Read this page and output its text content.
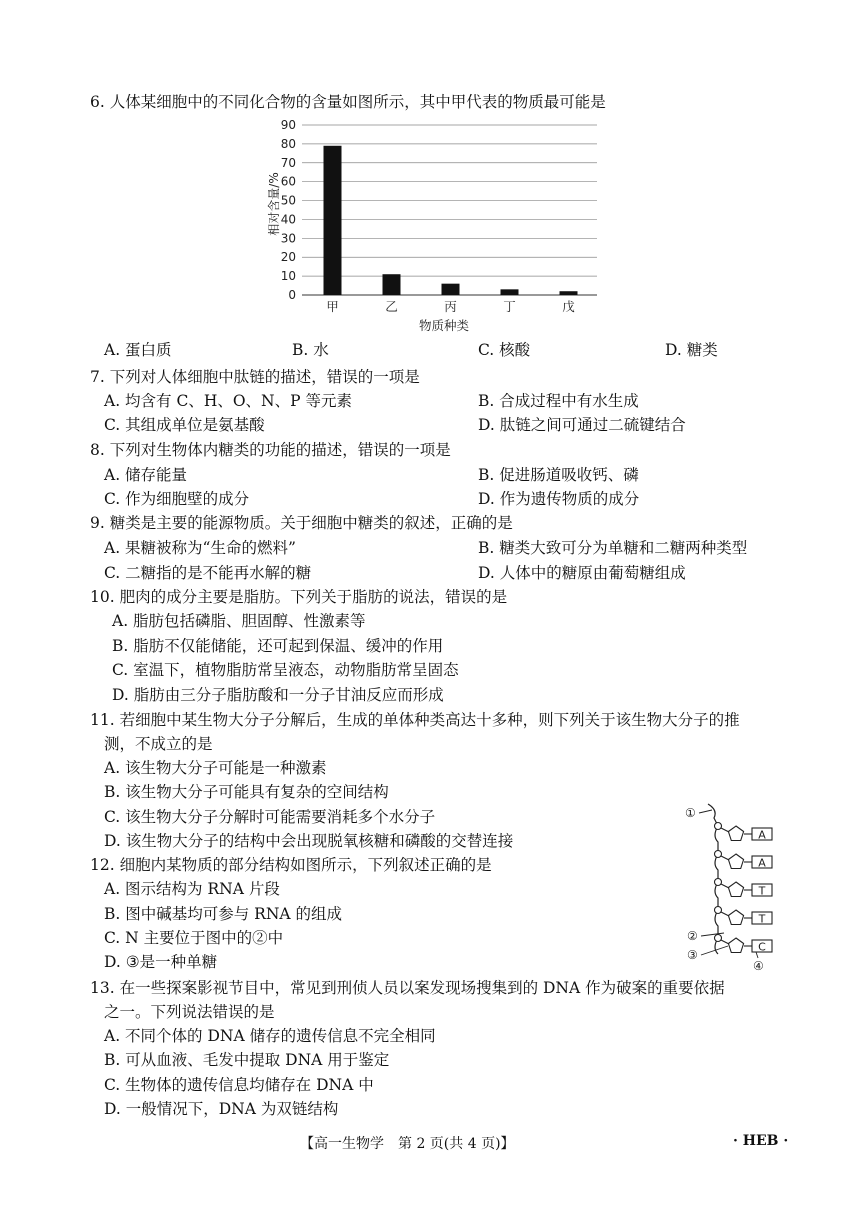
6. 人体某细胞中的不同化合物的含量如图所示，其中甲代表的物质最可能是
0
10
20
30
40
50
60
70
80
90
甲	乙	丙	丁	戊
相对含量/%
物质种类
A. 蛋白质	B. 水	C. 核酸	D. 糖类
7. 下列对人体细胞中肽链的描述，错误的一项是
A. 均含有 C、H、O、N、P 等元素	B. 合成过程中有水生成
C. 其组成单位是氨基酸	D. 肽链之间可通过二硫键结合
8. 下列对生物体内糖类的功能的描述，错误的一项是
A. 储存能量	B. 促进肠道吸收钙、磷
C. 作为细胞壁的成分	D. 作为遗传物质的成分
9. 糖类是主要的能源物质。关于细胞中糖类的叙述，正确的是
A. 果糖被称为“生命的燃料”	B. 糖类大致可分为单糖和二糖两种类型
C. 二糖指的是不能再水解的糖	D. 人体中的糖原由葡萄糖组成
10. 肥肉的成分主要是脂肪。下列关于脂肪的说法，错误的是
A. 脂肪包括磷脂、胆固醇、性激素等
B. 脂肪不仅能储能，还可起到保温、缓冲的作用
C. 室温下，植物脂肪常呈液态，动物脂肪常呈固态
D. 脂肪由三分子脂肪酸和一分子甘油反应而形成
11. 若细胞中某生物大分子分解后，生成的单体种类高达十多种，则下列关于该生物大分子的推
测，不成立的是
A. 该生物大分子可能是一种激素
B. 该生物大分子可能具有复杂的空间结构
C. 该生物大分子分解时可能需要消耗多个水分子
D. 该生物大分子的结构中会出现脱氧核糖和磷酸的交替连接
12. 细胞内某物质的部分结构如图所示，下列叙述正确的是
A. 图示结构为 RNA 片段
B. 图中碱基均可参与 RNA 的组成
C. N 主要位于图中的②中
D. ③是一种单糖
A
A
T
T
C
①
②
③
④
13. 在一些探案影视节目中，常见到刑侦人员以案发现场搜集到的 DNA 作为破案的重要依据
之一。下列说法错误的是
A. 不同个体的 DNA 储存的遗传信息不完全相同
B. 可从血液、毛发中提取 DNA 用于鉴定
C. 生物体的遗传信息均储存在 DNA 中
D. 一般情况下，DNA 为双链结构
【高一生物学　第 2 页(共 4 页)】	· HEB ·
